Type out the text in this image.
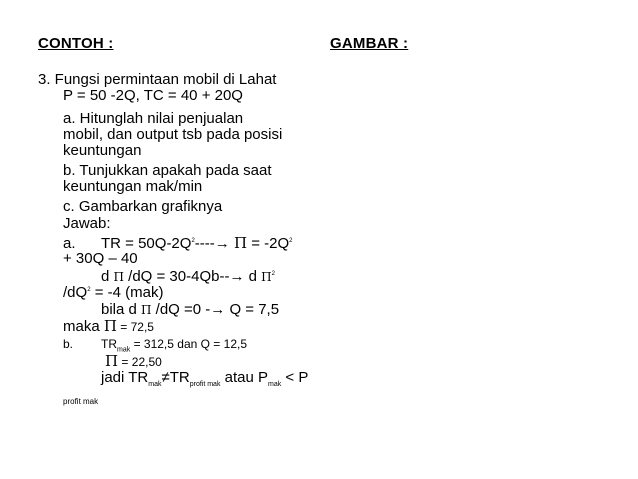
CONTOH :	GAMBAR :
3. Fungsi permintaan mobil di Lahat
P = 50 -2Q, TC = 40 + 20Q
a. Hitunglah nilai penjualan
mobil, dan output tsb pada posisi
keuntungan
b. Tunjukkan apakah pada saat
keuntungan mak/min
c. Gambarkan grafiknya
Jawab:
a. TR = $50Q-2Q^2----\to \Pi = -2Q^2$
+ 30Q – 40
d Π /dQ = 30-4Qb--→ d $\Pi^2$
$/dQ^2 = -4$ (mak)
bila d Π /dQ =0 -→ Q = 7,5
maka Π = 72,5
b. $TR_{mak} = 312,5$ dan Q = 12,5
Π = 22,50
jadi $TR_{mak}\ne TR_{profit mak}$ atau $P_{mak} < P$
profit mak
